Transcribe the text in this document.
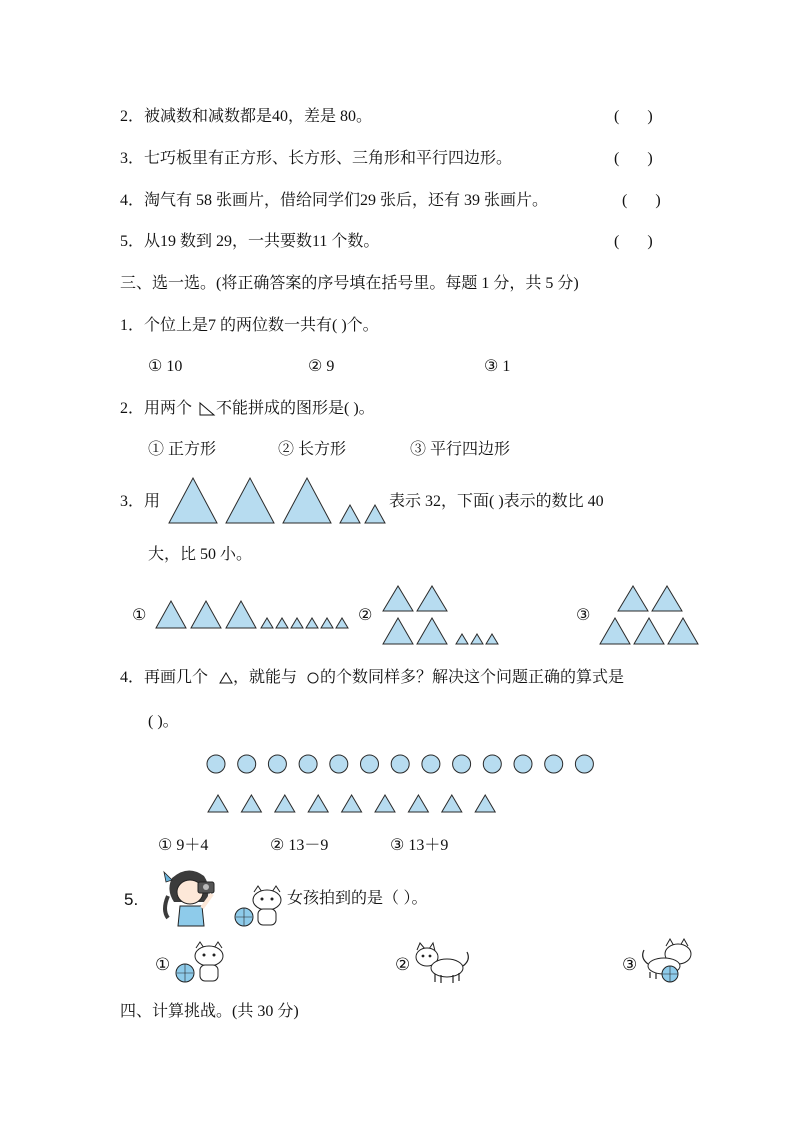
2．被减数和减数都是40，差是 80。	(       )
3．七巧板里有正方形、长方形、三角形和平行四边形。	(       )
4．淘气有 58 张画片，借给同学们29 张后，还有 39 张画片。	(       )
5．从19 数到 29，一共要数11 个数。	(       )
三、选一选。(将正确答案的序号填在括号里。每题 1 分，共 5 分)
1．个位上是7 的两位数一共有( )个。
① 10	② 9	③ 1
2．用两个 不能拼成的图形是( )。
① 正方形	② 长方形	③ 平行四边形
3．用	表示 32，下面( )表示的数比 40
大，比 50 小。
①	②	③
4．再画几个 ，就能与 的个数同样多？解决这个问题正确的算式是
( )。
① 9＋4	② 13－9	③ 13＋9
5.	女孩拍到的是（ ）。
①	②	③
四、计算挑战。(共 30 分)
